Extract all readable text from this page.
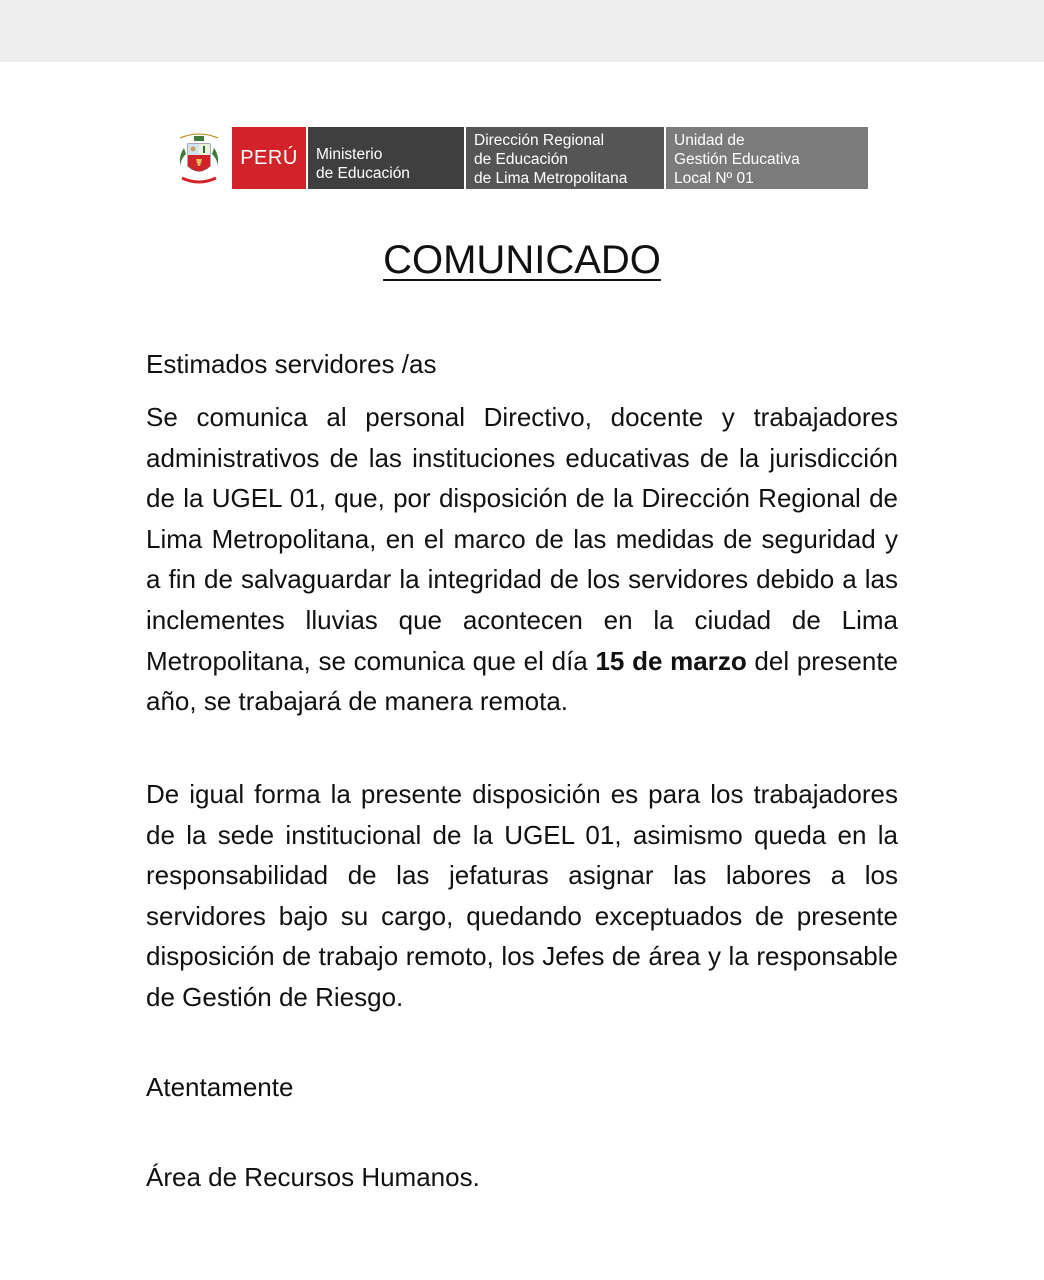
PERÚ	Ministerio
de Educación
Dirección Regional
de Educación
de Lima Metropolitana
Unidad de
Gestión Educativa
Local Nº 01
COMUNICADO
Estimados servidores /as

Se comunica al personal Directivo, docente y trabajadores administrativos de las instituciones educativas de la jurisdicción de la UGEL 01, que, por disposición de la Dirección Regional de Lima Metropolitana, en el marco de las medidas de seguridad y a fin de salvaguardar la integridad de los servidores debido a las inclementes lluvias que acontecen en la ciudad de Lima Metropolitana, se comunica que el día 15 de marzo del presente año, se trabajará de manera remota.

De igual forma la presente disposición es para los trabajadores de la sede institucional de la UGEL 01, asimismo queda en la responsabilidad de las jefaturas asignar las labores a los servidores bajo su cargo, quedando exceptuados de presente disposición de trabajo remoto, los Jefes de área y la responsable de Gestión de Riesgo.

Atentamente
Área de Recursos Humanos.
